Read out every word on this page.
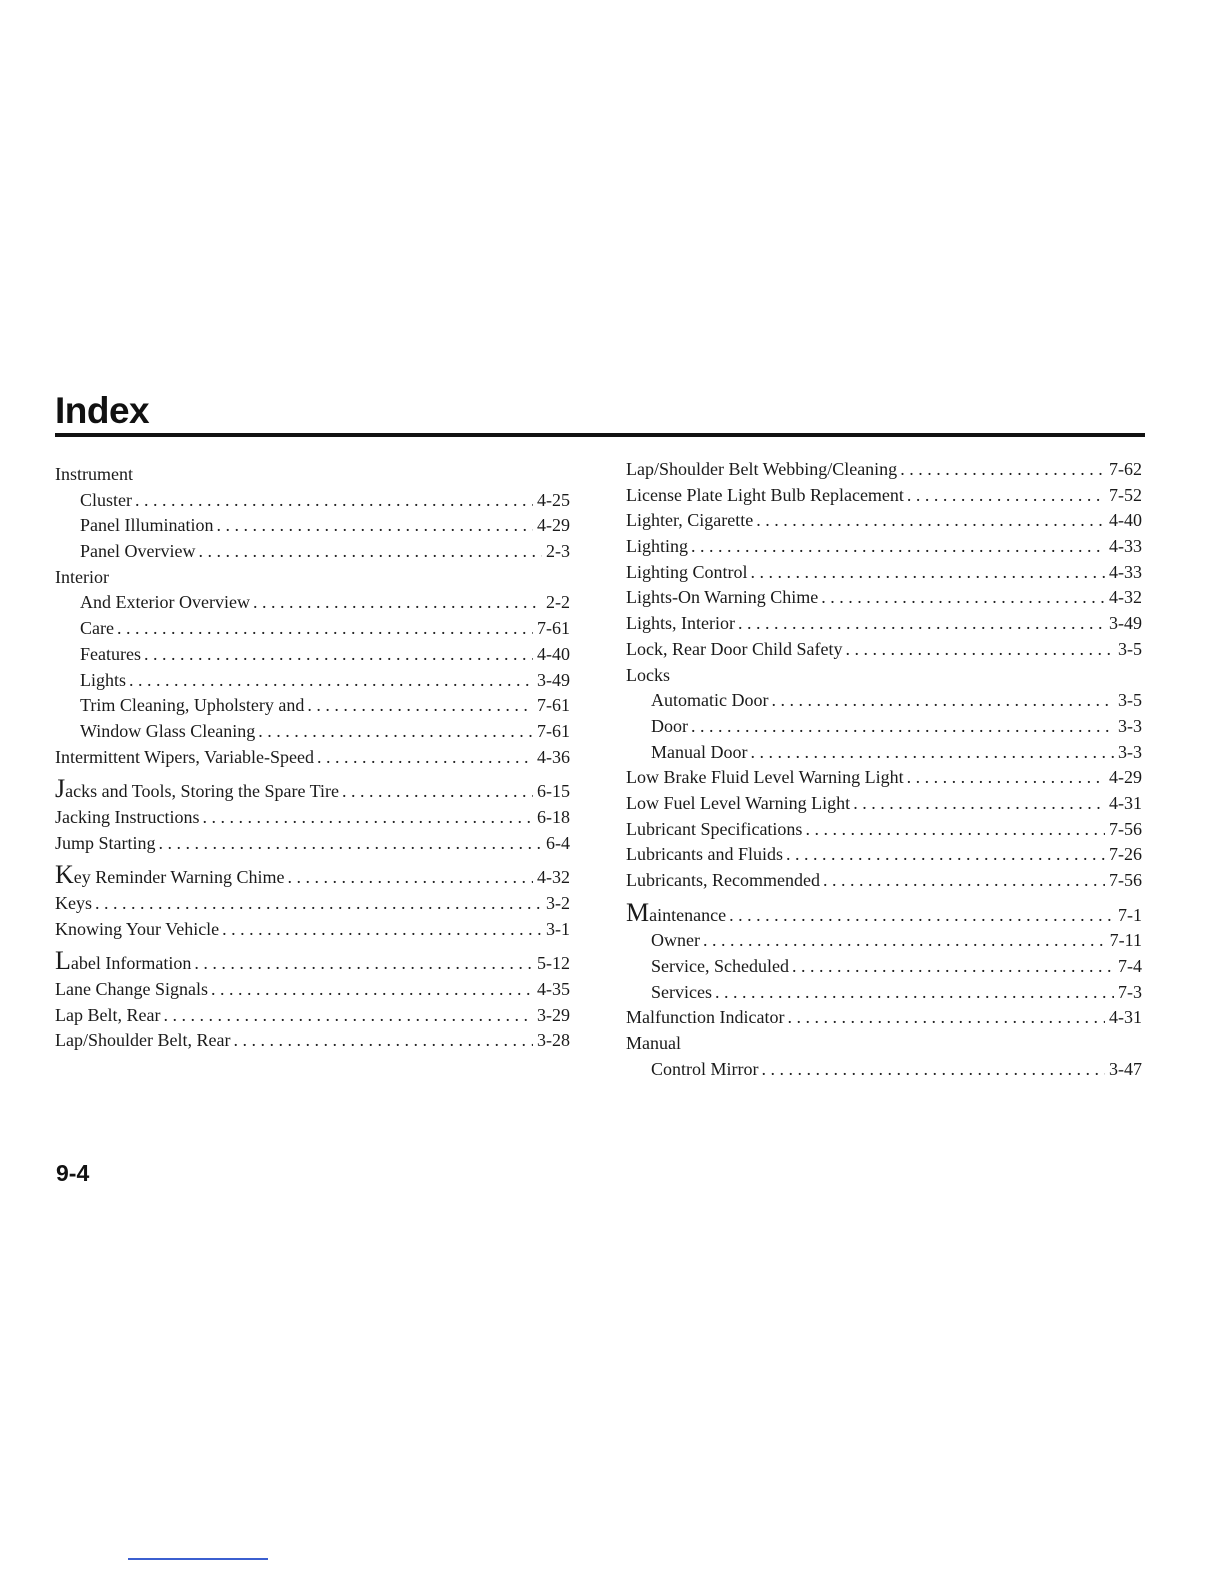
Index
Instrument
Cluster . . .	4-25
Panel Illumination . . .	4-29
Panel Overview . . .	2-3
Interior
And Exterior Overview . . .	2-2
Care . . .	7-61
Features . . .	4-40
Lights . . .	3-49
Trim Cleaning, Upholstery and . . .	7-61
Window Glass Cleaning . . .	7-61
Intermittent Wipers, Variable-Speed . . .	4-36
Jacks and Tools, Storing the Spare Tire . . .	6-15
Jacking Instructions . . .	6-18
Jump Starting . . .	6-4
Key Reminder Warning Chime . . .	4-32
Keys . . .	3-2
Knowing Your Vehicle . . .	3-1
Label Information . . .	5-12
Lane Change Signals . . .	4-35
Lap Belt, Rear . . .	3-29
Lap/Shoulder Belt, Rear . . .	3-28
Lap/Shoulder Belt Webbing/Cleaning . . .	7-62
License Plate Light Bulb Replacement . . .	7-52
Lighter, Cigarette . . .	4-40
Lighting . . .	4-33
Lighting Control . . .	4-33
Lights-On Warning Chime . . .	4-32
Lights, Interior . . .	3-49
Lock, Rear Door Child Safety . . .	3-5
Locks
Automatic Door . . .	3-5
Door . . .	3-3
Manual Door . . .	3-3
Low Brake Fluid Level Warning Light . . .	4-29
Low Fuel Level Warning Light . . .	4-31
Lubricant Specifications . . .	7-56
Lubricants and Fluids . . .	7-26
Lubricants, Recommended . . .	7-56
Maintenance . . .	7-1
Owner . . .	7-11
Service, Scheduled . . .	7-4
Services . . .	7-3
Malfunction Indicator . . .	4-31
Manual
Control Mirror . . .	3-47
9-4
